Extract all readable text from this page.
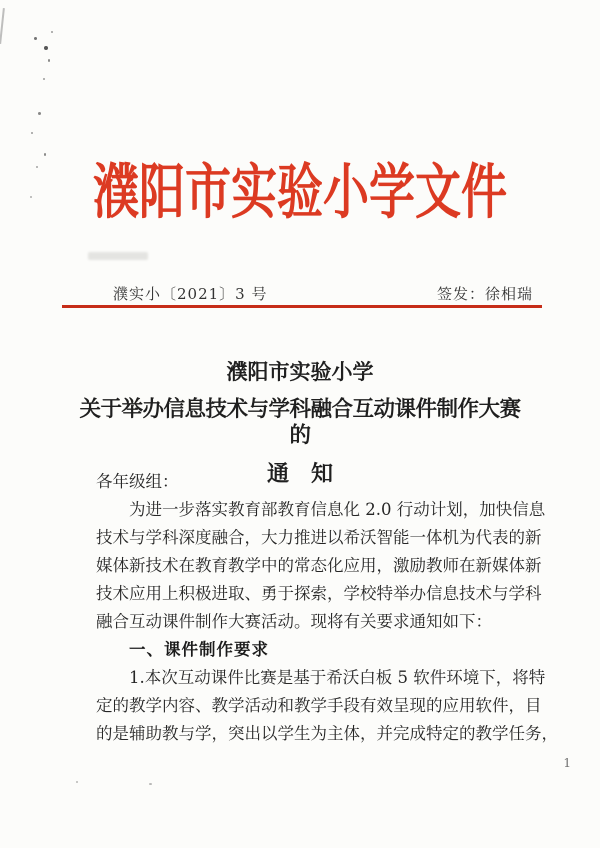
濮阳市实验小学文件
濮实小〔2021〕3 号	签发：徐相瑞
濮阳市实验小学
关于举办信息技术与学科融合互动课件制作大赛的
通　知
各年级组：
为进一步落实教育部教育信息化 2.0 行动计划，加快信息
技术与学科深度融合，大力推进以希沃智能一体机为代表的新
媒体新技术在教育教学中的常态化应用，激励教师在新媒体新
技术应用上积极进取、勇于探索，学校特举办信息技术与学科
融合互动课件制作大赛活动。现将有关要求通知如下：
一、课件制作要求
1.本次互动课件比赛是基于希沃白板 5 软件环境下，将特
定的教学内容、教学活动和教学手段有效呈现的应用软件，目
的是辅助教与学，突出以学生为主体，并完成特定的教学任务，
1
